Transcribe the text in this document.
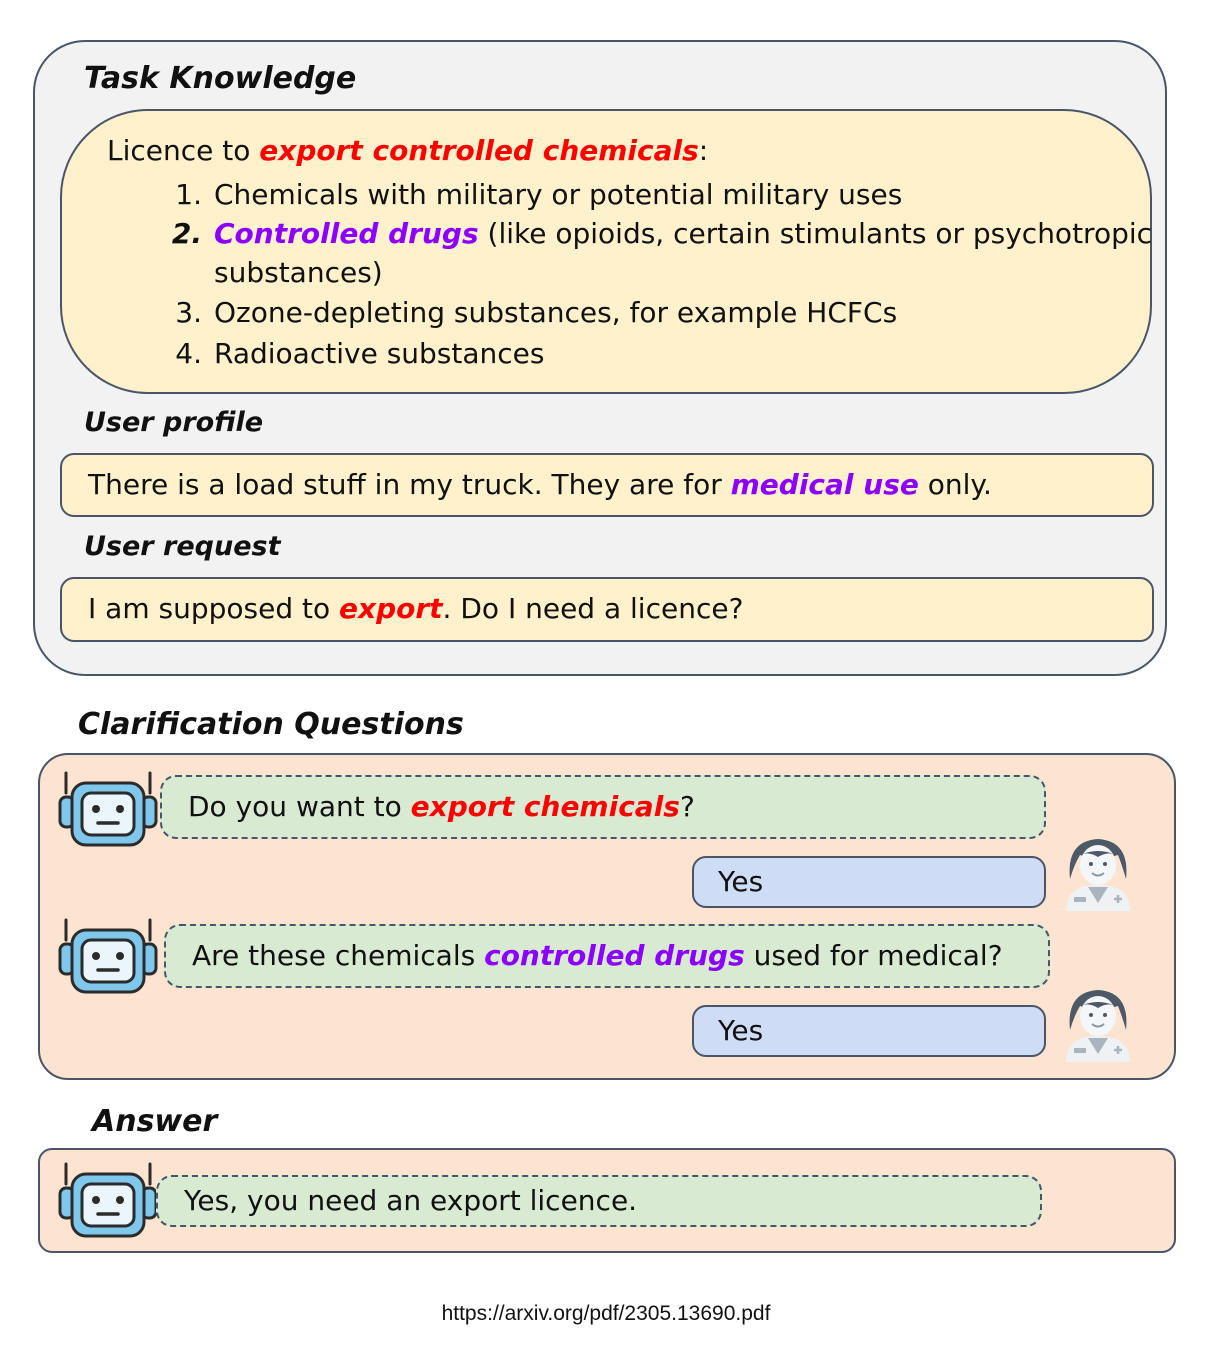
Task Knowledge
Licence to export controlled chemicals:
1. Chemicals with military or potential military uses
2. Controlled drugs (like opioids, certain stimulants or psychotropic
substances)
3. Ozone-depleting substances, for example HCFCs
4. Radioactive substances
User profile
There is a load stuff in my truck. They are for medical use only.
User request
I am supposed to export. Do I need a licence?
Clarification Questions
Do you want to export chemicals?
Yes
Are these chemicals controlled drugs used for medical?
Yes
Answer
Yes, you need an export licence.
https://arxiv.org/pdf/2305.13690.pdf
